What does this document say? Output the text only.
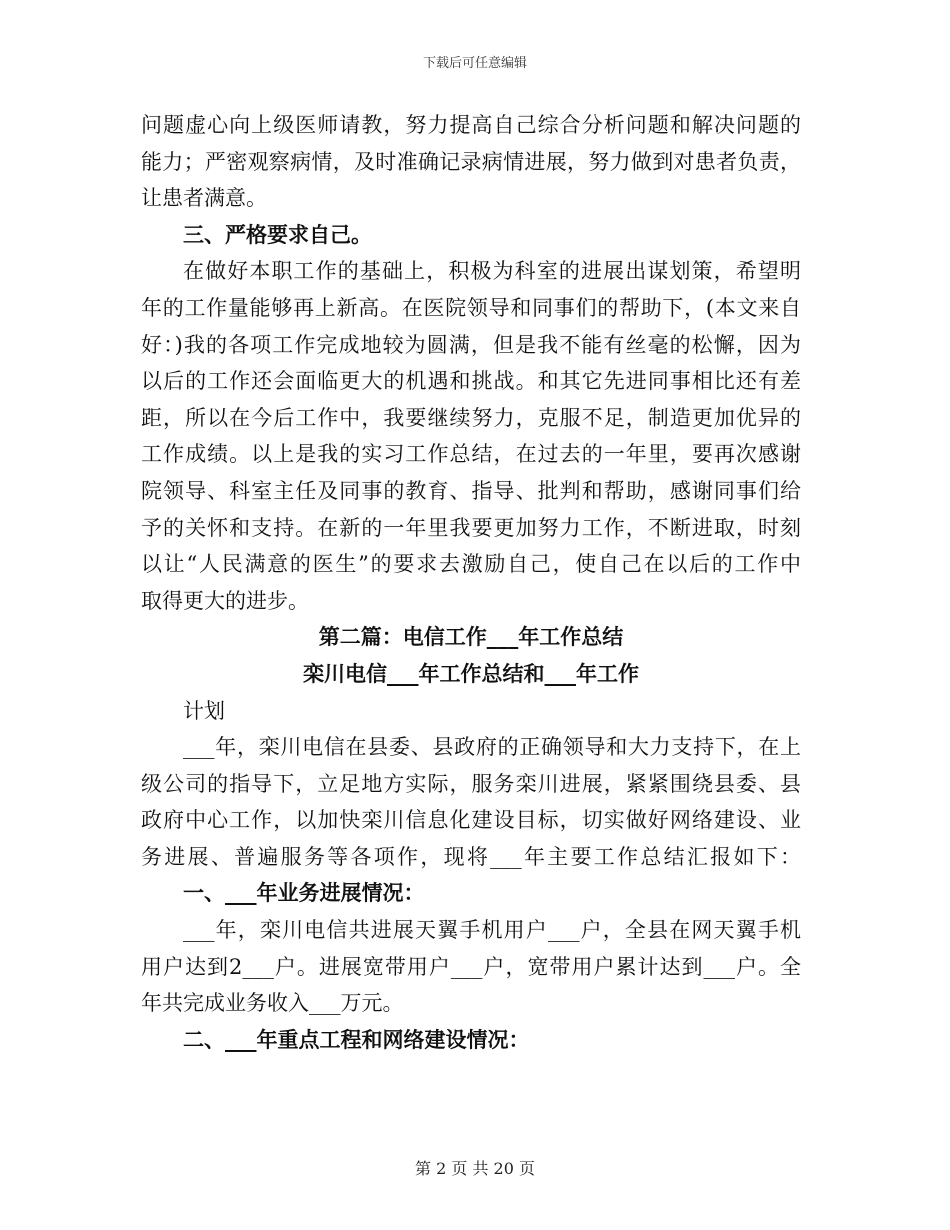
下载后可任意编辑
问题虚心向上级医师请教，努力提高自己综合分析问题和解决问题的
能力；严密观察病情，及时准确记录病情进展，努力做到对患者负责，
让患者满意。
三、严格要求自己。
在做好本职工作的基础上，积极为科室的进展出谋划策，希望明
年的工作量能够再上新高。在医院领导和同事们的帮助下，(本文来自
好：)我的各项工作完成地较为圆满，但是我不能有丝毫的松懈，因为
以后的工作还会面临更大的机遇和挑战。和其它先进同事相比还有差
距，所以在今后工作中，我要继续努力，克服不足，制造更加优异的
工作成绩。以上是我的实习工作总结，在过去的一年里，要再次感谢
院领导、科室主任及同事的教育、指导、批判和帮助，感谢同事们给
予的关怀和支持。在新的一年里我要更加努力工作，不断进取，时刻
以让“人民满意的医生”的要求去激励自己，使自己在以后的工作中
取得更大的进步。
第二篇：电信工作___年工作总结
栾川电信___年工作总结和___年工作
计划
___年，栾川电信在县委、县政府的正确领导和大力支持下，在上
级公司的指导下，立足地方实际，服务栾川进展，紧紧围绕县委、县
政府中心工作，以加快栾川信息化建设目标，切实做好网络建设、业
务进展、普遍服务等各项作，现将___年主要工作总结汇报如下：
一、___年业务进展情况：
___年，栾川电信共进展天翼手机用户___户，全县在网天翼手机
用户达到2___户。进展宽带用户___户，宽带用户累计达到___户。全
年共完成业务收入___万元。
二、___年重点工程和网络建设情况：
第 2 页 共 20 页
